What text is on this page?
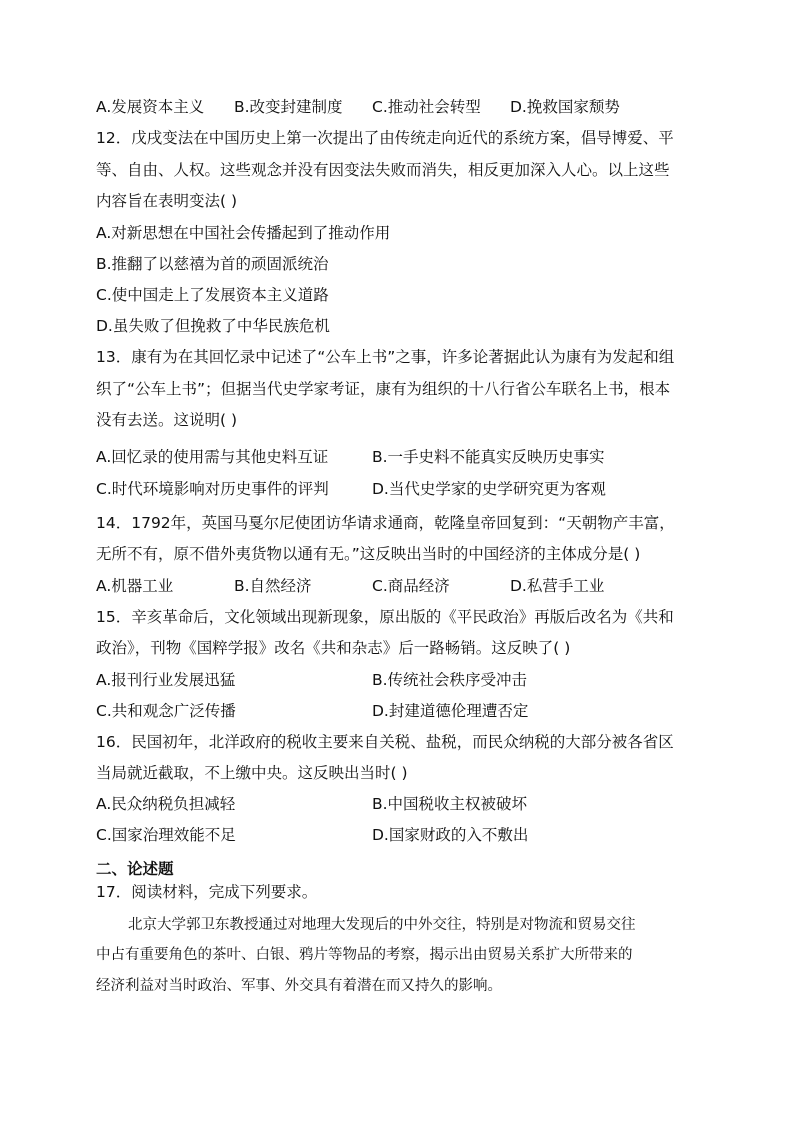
A.发展资本主义 B.改变封建制度 C.推动社会转型 D.挽救国家颓势
12．戊戌变法在中国历史上第一次提出了由传统走向近代的系统方案，倡导博爱、平
等、自由、人权。这些观念并没有因变法失败而消失，相反更加深入人心。以上这些
内容旨在表明变法( )
A.对新思想在中国社会传播起到了推动作用
B.推翻了以慈禧为首的顽固派统治
C.使中国走上了发展资本主义道路
D.虽失败了但挽救了中华民族危机
13．康有为在其回忆录中记述了“公车上书”之事，许多论著据此认为康有为发起和组
织了“公车上书”；但据当代史学家考证，康有为组织的十八行省公车联名上书，根本
没有去送。这说明( )
A.回忆录的使用需与其他史料互证	B.一手史料不能真实反映历史事实
C.时代环境影响对历史事件的评判	D.当代史学家的史学研究更为客观
14．1792年，英国马戛尔尼使团访华请求通商，乾隆皇帝回复到：“天朝物产丰富，
无所不有，原不借外夷货物以通有无。”这反映出当时的中国经济的主体成分是( )
A.机器工业	B.自然经济	C.商品经济	D.私营手工业
15．辛亥革命后，文化领域出现新现象，原出版的《平民政治》再版后改名为《共和
政治》，刊物《国粹学报》改名《共和杂志》后一路畅销。这反映了( )
A.报刊行业发展迅猛	B.传统社会秩序受冲击
C.共和观念广泛传播	D.封建道德伦理遭否定
16．民国初年，北洋政府的税收主要来自关税、盐税，而民众纳税的大部分被各省区
当局就近截取，不上缴中央。这反映出当时( )
A.民众纳税负担减轻	B.中国税收主权被破坏
C.国家治理效能不足	D.国家财政的入不敷出
二、论述题
17．阅读材料，完成下列要求。
北京大学郭卫东教授通过对地理大发现后的中外交往，特别是对物流和贸易交往
中占有重要角色的茶叶、白银、鸦片等物品的考察，揭示出由贸易关系扩大所带来的
经济利益对当时政治、军事、外交具有着潜在而又持久的影响。
